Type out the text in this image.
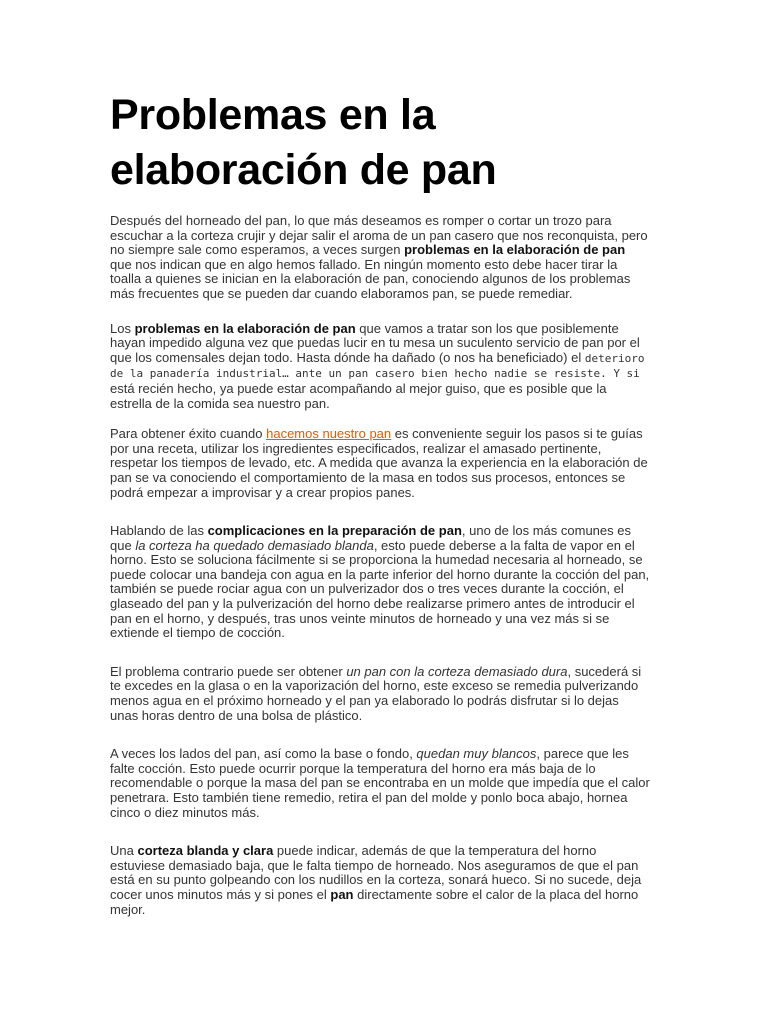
Problemas en la elaboración de pan

Después del horneado del pan, lo que más deseamos es romper o cortar un trozo para escuchar a la corteza crujir y dejar salir el aroma de un pan casero que nos reconquista, pero no siempre sale como esperamos, a veces surgen problemas en la elaboración de pan que nos indican que en algo hemos fallado. En ningún momento esto debe hacer tirar la toalla a quienes se inician en la elaboración de pan, conociendo algunos de los problemas más frecuentes que se pueden dar cuando elaboramos pan, se puede remediar.

Los problemas en la elaboración de pan que vamos a tratar son los que posiblemente hayan impedido alguna vez que puedas lucir en tu mesa un suculento servicio de pan por el que los comensales dejan todo. Hasta dónde ha dañado (o nos ha beneficiado) el deterioro de la panadería industrial… ante un pan casero bien hecho nadie se resiste. Y si está recién hecho, ya puede estar acompañando al mejor guiso, que es posible que la estrella de la comida sea nuestro pan.

Para obtener éxito cuando hacemos nuestro pan es conveniente seguir los pasos si te guías por una receta, utilizar los ingredientes especificados, realizar el amasado pertinente, respetar los tiempos de levado, etc. A medida que avanza la experiencia en la elaboración de pan se va conociendo el comportamiento de la masa en todos sus procesos, entonces se podrá empezar a improvisar y a crear propios panes.

Hablando de las complicaciones en la preparación de pan, uno de los más comunes es que la corteza ha quedado demasiado blanda, esto puede deberse a la falta de vapor en el horno. Esto se soluciona fácilmente si se proporciona la humedad necesaria al horneado, se puede colocar una bandeja con agua en la parte inferior del horno durante la cocción del pan, también se puede rociar agua con un pulverizador dos o tres veces durante la cocción, el glaseado del pan y la pulverización del horno debe realizarse primero antes de introducir el pan en el horno, y después, tras unos veinte minutos de horneado y una vez más si se extiende el tiempo de cocción.

El problema contrario puede ser obtener un pan con la corteza demasiado dura, sucederá si te excedes en la glasa o en la vaporización del horno, este exceso se remedia pulverizando menos agua en el próximo horneado y el pan ya elaborado lo podrás disfrutar si lo dejas unas horas dentro de una bolsa de plástico.

A veces los lados del pan, así como la base o fondo, quedan muy blancos, parece que les falte cocción. Esto puede ocurrir porque la temperatura del horno era más baja de lo recomendable o porque la masa del pan se encontraba en un molde que impedía que el calor penetrara. Esto también tiene remedio, retira el pan del molde y ponlo boca abajo, hornea cinco o diez minutos más.

Una corteza blanda y clara puede indicar, además de que la temperatura del horno estuviese demasiado baja, que le falta tiempo de horneado. Nos aseguramos de que el pan está en su punto golpeando con los nudillos en la corteza, sonará hueco. Si no sucede, deja cocer unos minutos más y si pones el pan directamente sobre el calor de la placa del horno mejor.
